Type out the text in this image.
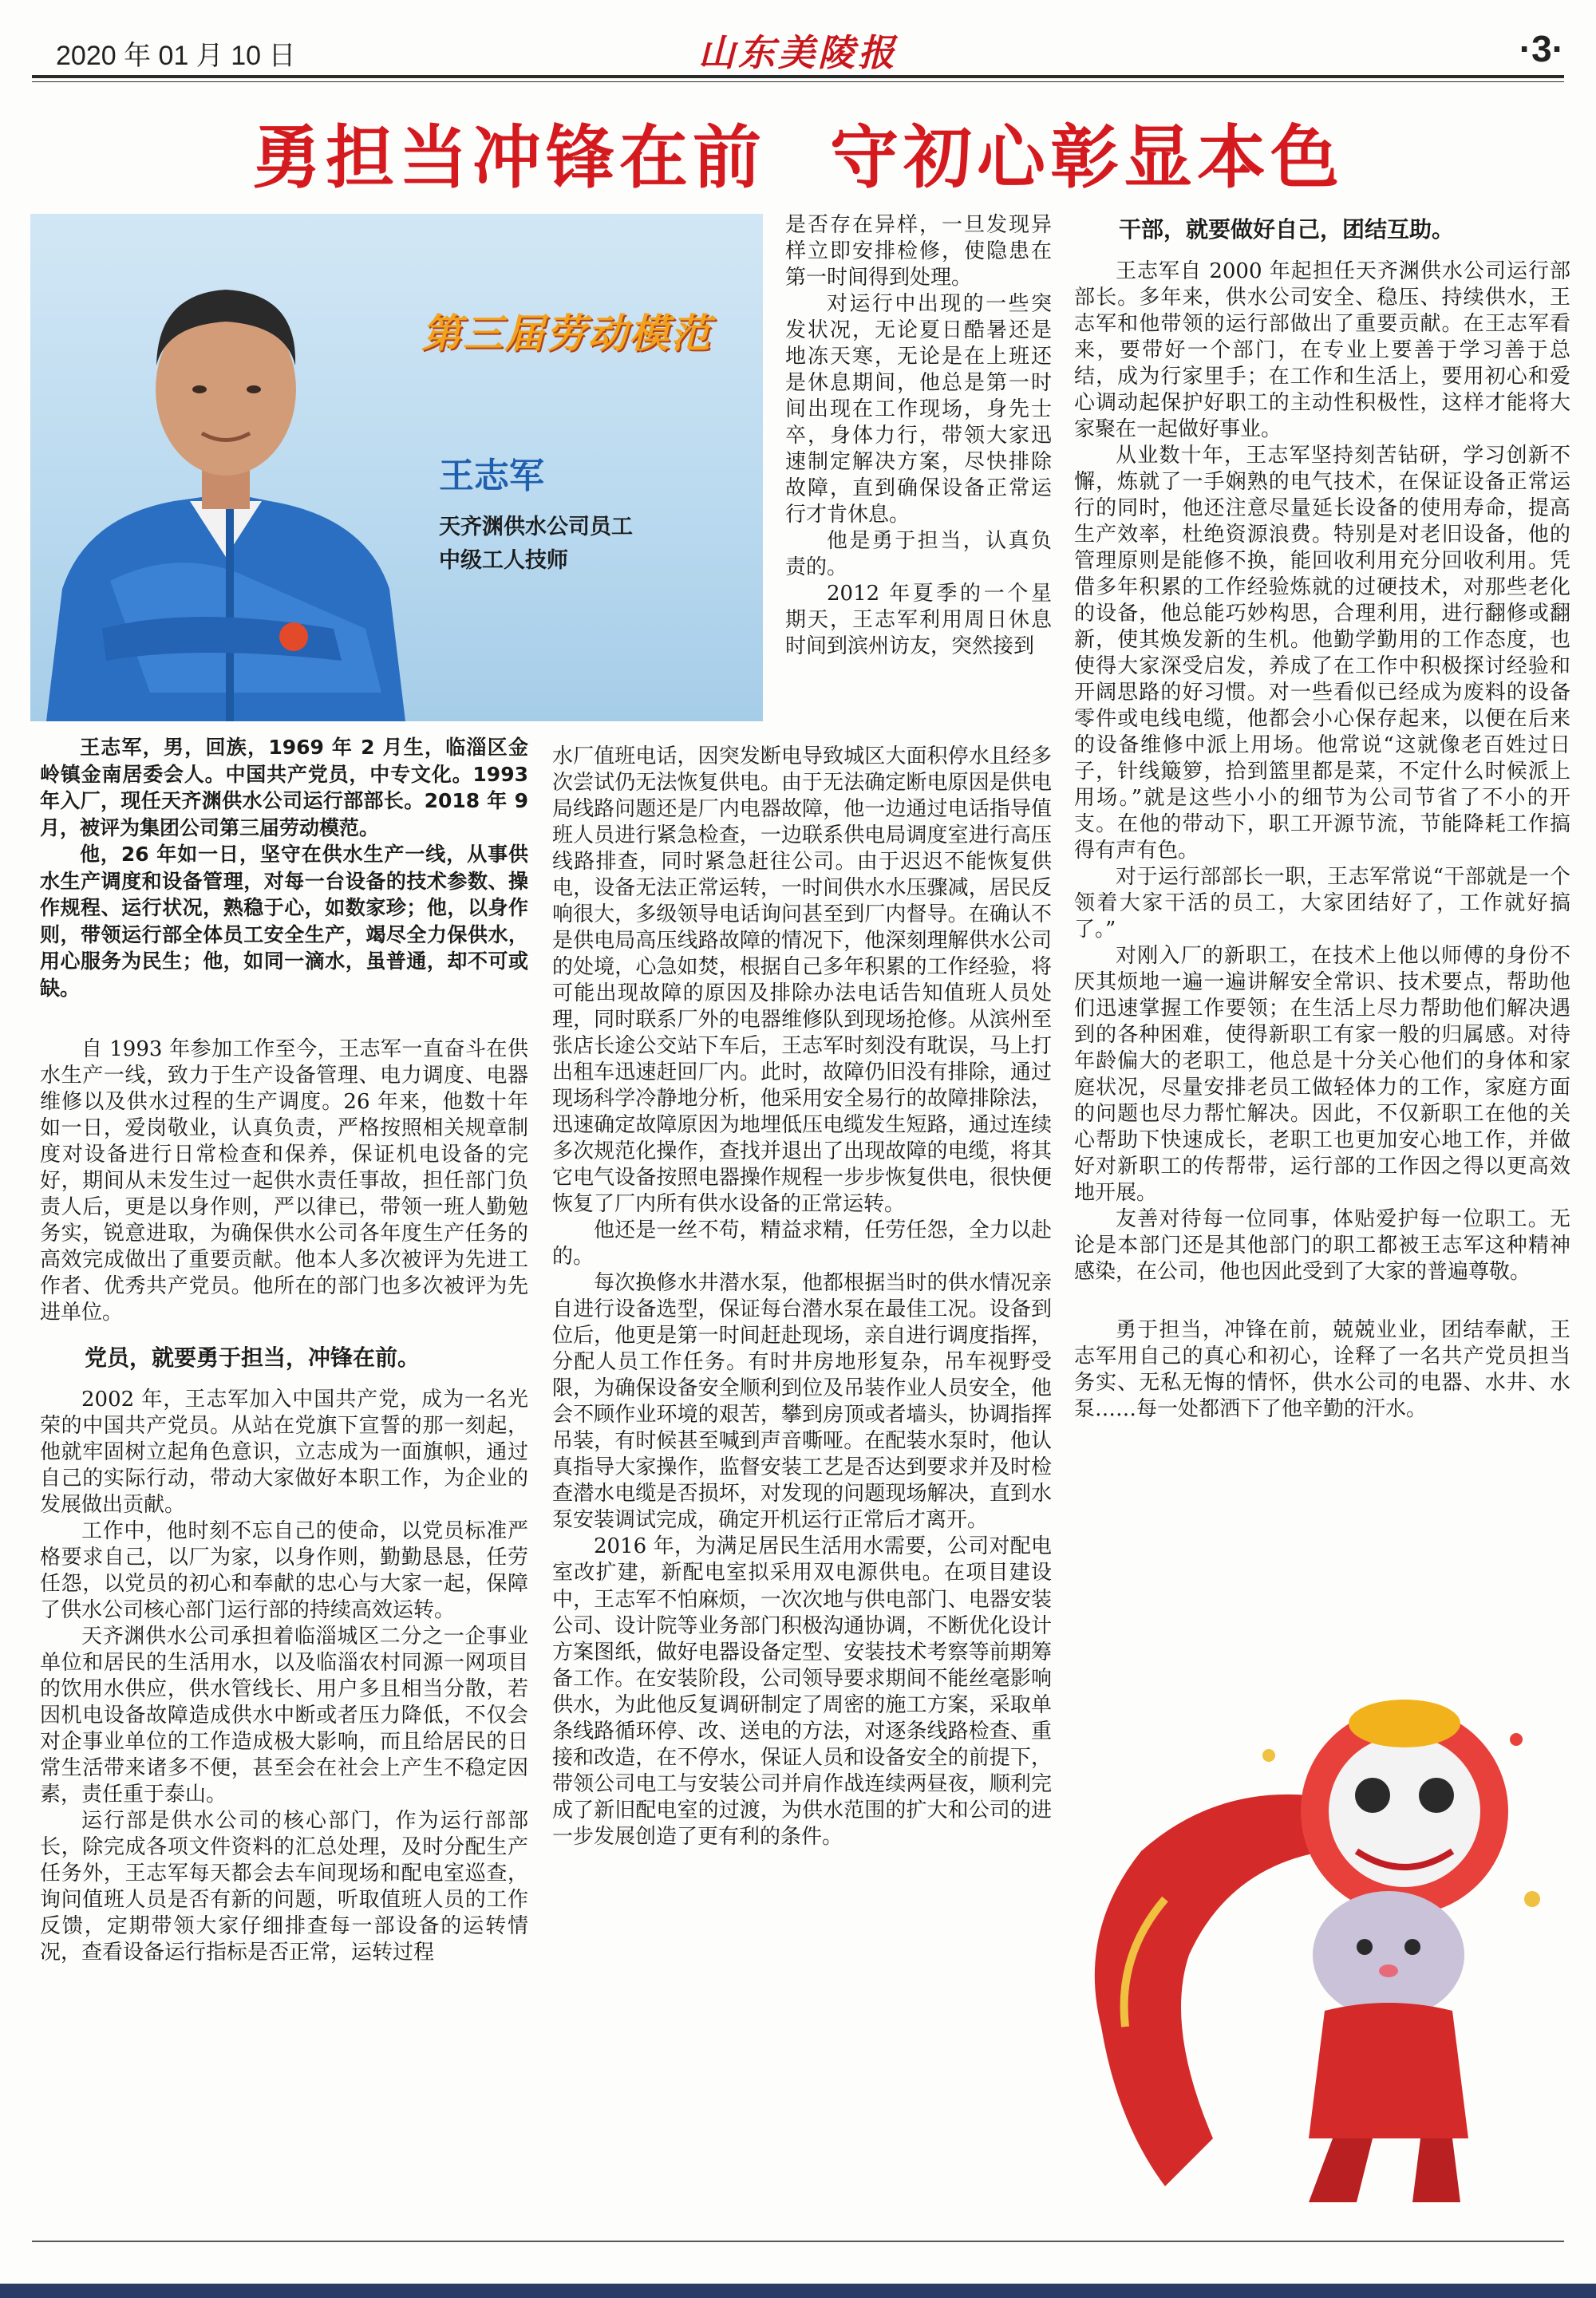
2020 年 01 月 10 日	山东美陵报	·3·
勇担当冲锋在前 守初心彰显本色
第三届劳动模范
王志军
天齐渊供水公司员工
中级工人技师

王志军，男，回族，1969 年 2 月生，临淄区金岭镇金南居委会人。中国共产党员，中专文化。1993 年入厂，现任天齐渊供水公司运行部部长。2018 年 9 月，被评为集团公司第三届劳动模范。

他，26 年如一日，坚守在供水生产一线，从事供水生产调度和设备管理，对每一台设备的技术参数、操作规程、运行状况，熟稳于心，如数家珍；他，以身作则，带领运行部全体员工安全生产，竭尽全力保供水，用心服务为民生；他，如同一滴水，虽普通，却不可或缺。

自 1993 年参加工作至今，王志军一直奋斗在供水生产一线，致力于生产设备管理、电力调度、电器维修以及供水过程的生产调度。26 年来，他数十年如一日，爱岗敬业，认真负责，严格按照相关规章制度对设备进行日常检查和保养，保证机电设备的完好，期间从未发生过一起供水责任事故，担任部门负责人后，更是以身作则，严以律已，带领一班人勤勉务实，锐意进取，为确保供水公司各年度生产任务的高效完成做出了重要贡献。他本人多次被评为先进工作者、优秀共产党员。他所在的部门也多次被评为先进单位。

党员，就要勇于担当，冲锋在前。

2002 年，王志军加入中国共产党，成为一名光荣的中国共产党员。从站在党旗下宣誓的那一刻起，他就牢固树立起角色意识，立志成为一面旗帜，通过自己的实际行动，带动大家做好本职工作，为企业的发展做出贡献。

工作中，他时刻不忘自己的使命，以党员标准严格要求自己，以厂为家，以身作则，勤勤恳恳，任劳任怨，以党员的初心和奉献的忠心与大家一起，保障了供水公司核心部门运行部的持续高效运转。

天齐渊供水公司承担着临淄城区二分之一企事业单位和居民的生活用水，以及临淄农村同源一网项目的饮用水供应，供水管线长、用户多且相当分散，若因机电设备故障造成供水中断或者压力降低，不仅会对企事业单位的工作造成极大影响，而且给居民的日常生活带来诸多不便，甚至会在社会上产生不稳定因素，责任重于泰山。

运行部是供水公司的核心部门，作为运行部部长，除完成各项文件资料的汇总处理，及时分配生产任务外，王志军每天都会去车间现场和配电室巡查，询问值班人员是否有新的问题，听取值班人员的工作反馈，定期带领大家仔细排查每一部设备的运转情况，查看设备运行指标是否正常，运转过程

是否存在异样，一旦发现异样立即安排检修，使隐患在第一时间得到处理。

对运行中出现的一些突发状况，无论夏日酷暑还是地冻天寒，无论是在上班还是休息期间，他总是第一时间出现在工作现场，身先士卒，身体力行，带领大家迅速制定解决方案，尽快排除故障，直到确保设备正常运行才肯休息。

他是勇于担当，认真负责的。

2012 年夏季的一个星期天，王志军利用周日休息时间到滨州访友，突然接到

水厂值班电话，因突发断电导致城区大面积停水且经多次尝试仍无法恢复供电。由于无法确定断电原因是供电局线路问题还是厂内电器故障，他一边通过电话指导值班人员进行紧急检查，一边联系供电局调度室进行高压线路排查，同时紧急赶往公司。由于迟迟不能恢复供电，设备无法正常运转，一时间供水水压骤减，居民反响很大，多级领导电话询问甚至到厂内督导。在确认不是供电局高压线路故障的情况下，他深刻理解供水公司的处境，心急如焚，根据自己多年积累的工作经验，将可能出现故障的原因及排除办法电话告知值班人员处理，同时联系厂外的电器维修队到现场抢修。从滨州至张店长途公交站下车后，王志军时刻没有耽误，马上打出租车迅速赶回厂内。此时，故障仍旧没有排除，通过现场科学冷静地分析，他采用安全易行的故障排除法，迅速确定故障原因为地埋低压电缆发生短路，通过连续多次规范化操作，查找并退出了出现故障的电缆，将其它电气设备按照电器操作规程一步步恢复供电，很快便恢复了厂内所有供水设备的正常运转。

他还是一丝不苟，精益求精，任劳任怨，全力以赴的。

每次换修水井潜水泵，他都根据当时的供水情况亲自进行设备选型，保证每台潜水泵在最佳工况。设备到位后，他更是第一时间赶赴现场，亲自进行调度指挥，分配人员工作任务。有时井房地形复杂，吊车视野受限，为确保设备安全顺利到位及吊装作业人员安全，他会不顾作业环境的艰苦，攀到房顶或者墙头，协调指挥吊装，有时候甚至喊到声音嘶哑。在配装水泵时，他认真指导大家操作，监督安装工艺是否达到要求并及时检查潜水电缆是否损坏，对发现的问题现场解决，直到水泵安装调试完成，确定开机运行正常后才离开。

2016 年，为满足居民生活用水需要，公司对配电室改扩建，新配电室拟采用双电源供电。在项目建设中，王志军不怕麻烦，一次次地与供电部门、电器安装公司、设计院等业务部门积极沟通协调，不断优化设计方案图纸，做好电器设备定型、安装技术考察等前期筹备工作。在安装阶段，公司领导要求期间不能丝毫影响供水，为此他反复调研制定了周密的施工方案，采取单条线路循环停、改、送电的方法，对逐条线路检查、重接和改造，在不停水，保证人员和设备安全的前提下，带领公司电工与安装公司并肩作战连续两昼夜，顺利完成了新旧配电室的过渡，为供水范围的扩大和公司的进一步发展创造了更有利的条件。

干部，就要做好自己，团结互助。

王志军自 2000 年起担任天齐渊供水公司运行部部长。多年来，供水公司安全、稳压、持续供水，王志军和他带领的运行部做出了重要贡献。在王志军看来，要带好一个部门，在专业上要善于学习善于总结，成为行家里手；在工作和生活上，要用初心和爱心调动起保护好职工的主动性积极性，这样才能将大家聚在一起做好事业。

从业数十年，王志军坚持刻苦钻研，学习创新不懈，炼就了一手娴熟的电气技术，在保证设备正常运行的同时，他还注意尽量延长设备的使用寿命，提高生产效率，杜绝资源浪费。特别是对老旧设备，他的管理原则是能修不换，能回收利用充分回收利用。凭借多年积累的工作经验炼就的过硬技术，对那些老化的设备，他总能巧妙构思，合理利用，进行翻修或翻新，使其焕发新的生机。他勤学勤用的工作态度，也使得大家深受启发，养成了在工作中积极探讨经验和开阔思路的好习惯。对一些看似已经成为废料的设备零件或电线电缆，他都会小心保存起来，以便在后来的设备维修中派上用场。他常说“这就像老百姓过日子，针线簸箩，拾到篮里都是菜，不定什么时候派上用场。”就是这些小小的细节为公司节省了不小的开支。在他的带动下，职工开源节流，节能降耗工作搞得有声有色。

对于运行部部长一职，王志军常说“干部就是一个领着大家干活的员工，大家团结好了，工作就好搞了。”

对刚入厂的新职工，在技术上他以师傅的身份不厌其烦地一遍一遍讲解安全常识、技术要点，帮助他们迅速掌握工作要领；在生活上尽力帮助他们解决遇到的各种困难，使得新职工有家一般的归属感。对待年龄偏大的老职工，他总是十分关心他们的身体和家庭状况，尽量安排老员工做轻体力的工作，家庭方面的问题也尽力帮忙解决。因此，不仅新职工在他的关心帮助下快速成长，老职工也更加安心地工作，并做好对新职工的传帮带，运行部的工作因之得以更高效地开展。

友善对待每一位同事，体贴爱护每一位职工。无论是本部门还是其他部门的职工都被王志军这种精神感染，在公司，他也因此受到了大家的普遍尊敬。

勇于担当，冲锋在前，兢兢业业，团结奉献，王志军用自己的真心和初心，诠释了一名共产党员担当务实、无私无悔的情怀，供水公司的电器、水井、水泵……每一处都洒下了他辛勤的汗水。
